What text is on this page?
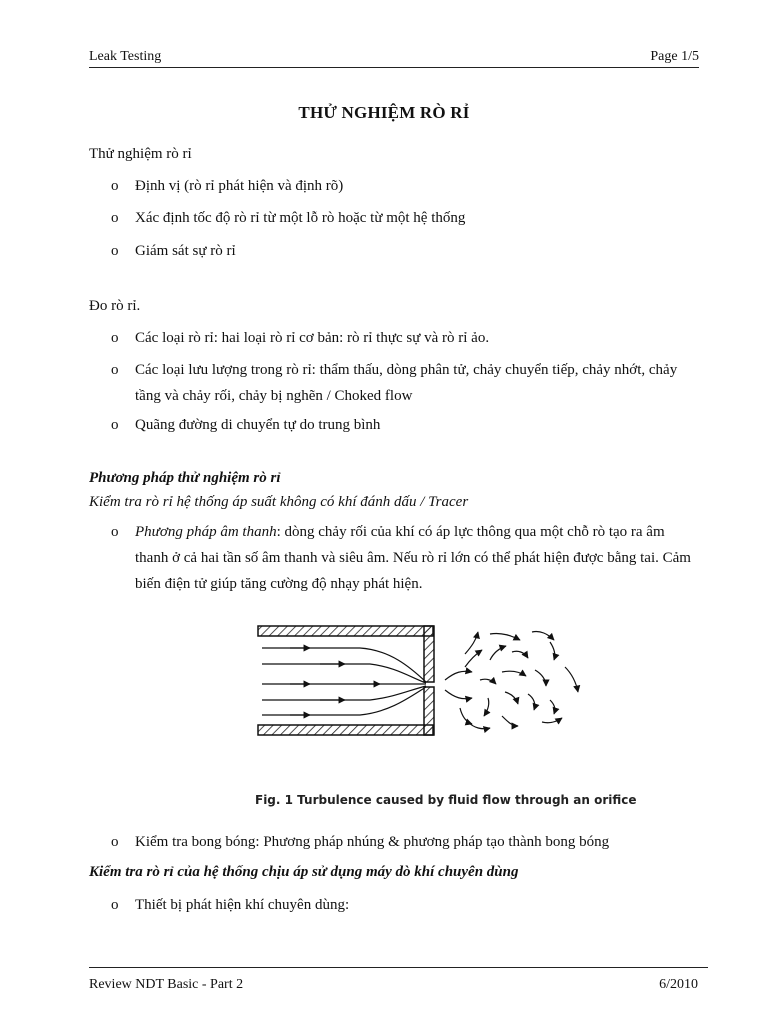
Leak Testing	Page 1/5
THỬ NGHIỆM RÒ RỈ
Thử nghiệm rò rỉ
o	Định vị (rò rỉ phát hiện và định rõ)
o	Xác định tốc độ rò rỉ từ một lỗ rò hoặc từ một hệ thống
o	Giám sát sự rò rỉ
Đo rò rỉ.
o	Các loại rò rỉ: hai loại rò rỉ cơ bản: rò rỉ thực sự và rò rỉ ảo.
o	Các loại lưu lượng trong rò rỉ: thẩm thấu, dòng phân tử, chảy chuyển tiếp, chảy nhớt, chảy tầng và chảy rối, chảy bị nghẽn / Choked flow
o	Quãng đường di chuyển tự do trung bình
Phương pháp thử nghiệm rò rỉ
Kiểm tra rò rỉ hệ thống áp suất không có khí đánh dấu / Tracer
o	Phương pháp âm thanh: dòng chảy rối của khí có áp lực thông qua một chỗ rò tạo ra âm thanh ở cả hai tần số âm thanh và siêu âm. Nếu rò rỉ lớn có thể phát hiện được bằng tai. Cảm biến điện tử giúp tăng cường độ nhạy phát hiện.
Fig. 1 Turbulence caused by fluid flow through an orifice
o	Kiểm tra bong bóng: Phương pháp nhúng & phương pháp tạo thành bong bóng
Kiểm tra rò rỉ của hệ thống chịu áp sử dụng máy dò khí chuyên dùng
o	Thiết bị phát hiện khí chuyên dùng:
Review NDT Basic - Part 2	6/2010
